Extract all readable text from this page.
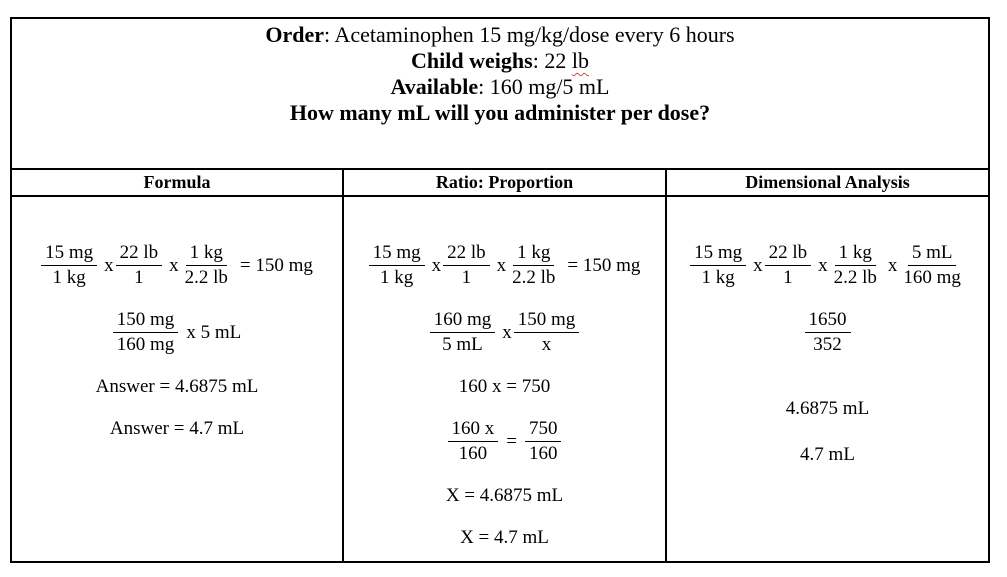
Order: Acetaminophen 15 mg/kg/dose every 6 hours
Child weighs: 22 lb
Available: 160 mg/5 mL
How many mL will you administer per dose?
Formula	Ratio: Proportion	Dimensional Analysis
$\frac{15 mg}{1 kg}$ x $\frac{22 lb}{1}$ x $\frac{1 kg}{2.2 lb} = 150$ mg
$\frac{150 mg}{160 mg}$ x 5 mL
Answer = 4.6875 mL
Answer = 4.7 mL
$\frac{15 mg}{1 kg}$ x $\frac{22 lb}{1}$ x $\frac{1 kg}{2.2 lb} = 150$ mg
$\frac{160 mg}{5 mL}$ x $\frac{150 mg}{x}$
160 x = 750
$\frac{160 x}{160} = \frac{750}{160}$
X = 4.6875 mL
X = 4.7 mL
$\frac{15 mg}{1 kg}$ x $\frac{22 lb}{1}$ x $\frac{1 kg}{2.2 lb}$ x $\frac{5 mL}{160 mg}$
$\frac{1650}{352}$
4.6875 mL
4.7 mL
